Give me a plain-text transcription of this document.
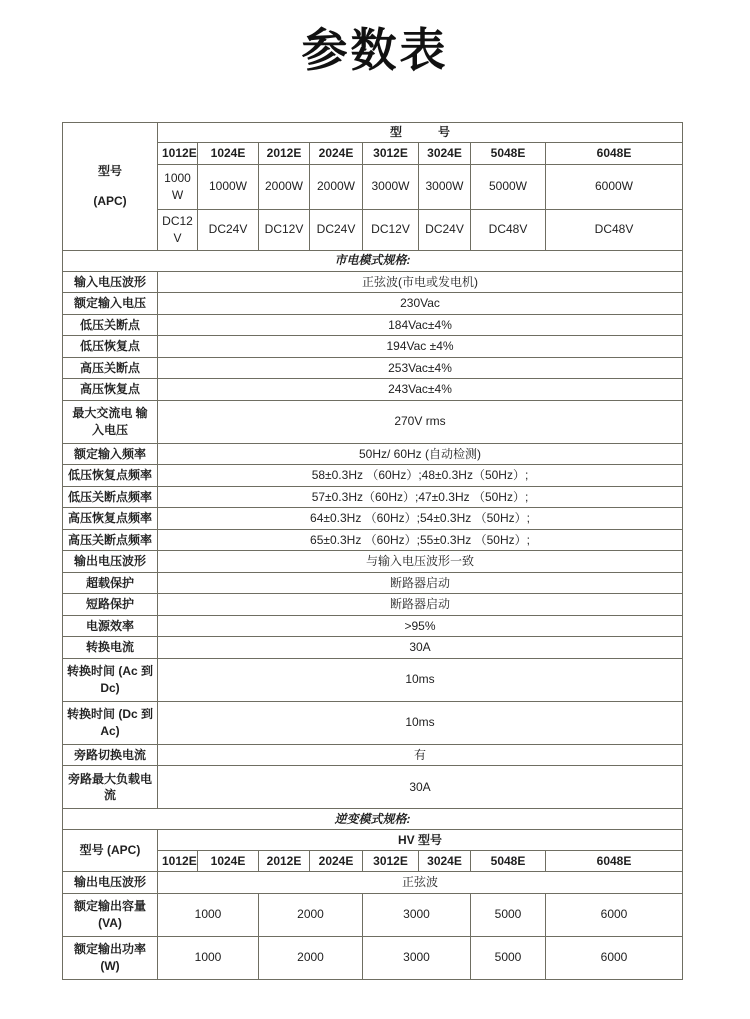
参数表
型号
(APC)	型　　　号							
	1012E	1024E	2012E	2024E	3012E	3024E	5048E	6048E
	1000W	1000W	2000W	2000W	3000W	3000W	5000W	6000W
	DC12V	DC24V	DC12V	DC24V	DC12V	DC24V	DC48V	DC48V
市电模式规格:								
输入电压波形	正弦波(市电或发电机)							
额定输入电压	230Vac							
低压关断点	184Vac±4%							
低压恢复点	194Vac ±4%							
高压关断点	253Vac±4%							
高压恢复点	243Vac±4%							
最大交流电 输入电压	270V rms							
额定输入频率	50Hz/ 60Hz (自动检测)							
低压恢复点频率	58±0.3Hz （60Hz）;48±0.3Hz（50Hz）;							
低压关断点频率	57±0.3Hz（60Hz）;47±0.3Hz （50Hz）;							
高压恢复点频率	64±0.3Hz （60Hz）;54±0.3Hz （50Hz）;							
高压关断点频率	65±0.3Hz （60Hz）;55±0.3Hz （50Hz）;							
输出电压波形	与输入电压波形一致							
超载保护	断路器启动							
短路保护	断路器启动							
电源效率	>95%							
转换电流	30A							
转换时间 (Ac 到 Dc)	10ms							
转换时间 (Dc 到 Ac)	10ms							
旁路切换电流	有							
旁路最大负载电流	30A							
逆变模式规格:								
型号 (APC)	HV 型号							
	1012E	1024E	2012E	2024E	3012E	3024E	5048E	6048E
输出电压波形	正弦波							
额定输出容量 (VA)	1000		2000		3000		5000	6000
额定输出功率 (W)	1000		2000		3000		5000	6000
